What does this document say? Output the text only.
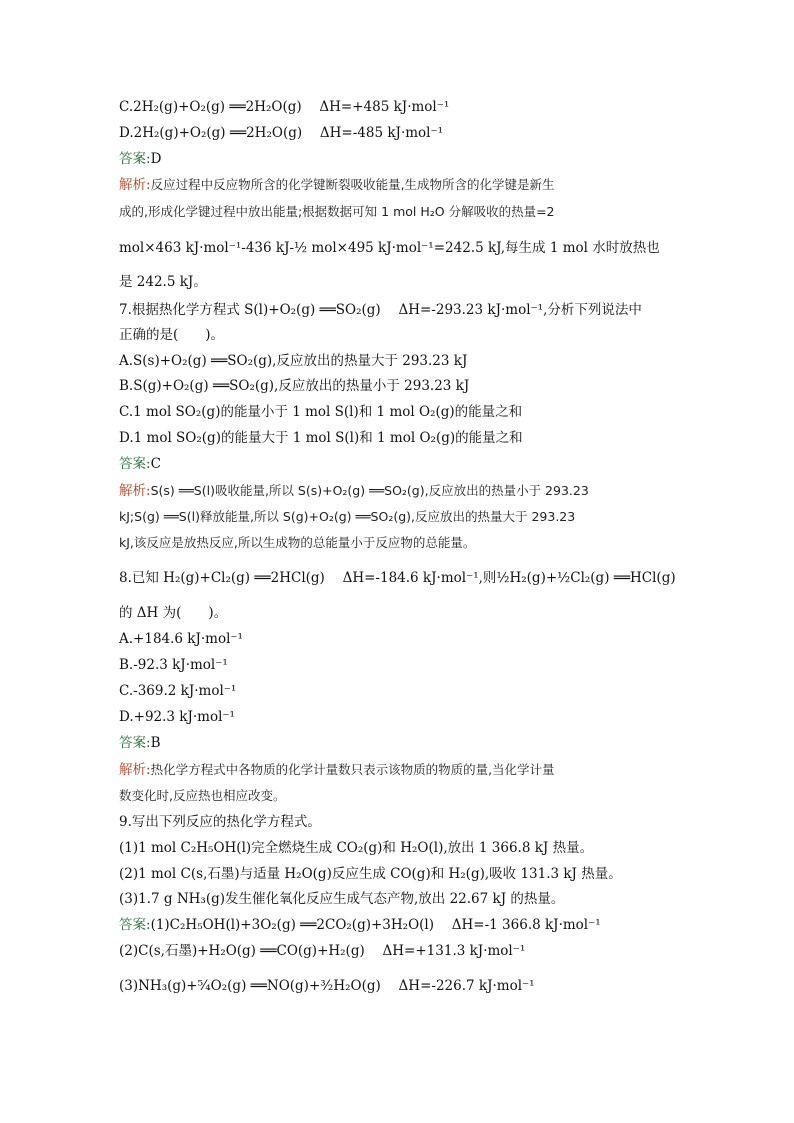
C.2H₂(g)+O₂(g) ══2H₂O(g)　 ΔH=+485 kJ·mol⁻¹
D.2H₂(g)+O₂(g) ══2H₂O(g)　 ΔH=-485 kJ·mol⁻¹
答案:D
解析:反应过程中反应物所含的化学键断裂吸收能量,生成物所含的化学键是新生
成的,形成化学键过程中放出能量;根据数据可知 1 mol H₂O 分解吸收的热量=2
mol×463 kJ·mol⁻¹-436 kJ-½ mol×495 kJ·mol⁻¹=242.5 kJ,每生成 1 mol 水时放热也
是 242.5 kJ。
7.根据热化学方程式 S(l)+O₂(g) ══SO₂(g)　 ΔH=-293.23 kJ·mol⁻¹,分析下列说法中
正确的是(　　)。
A.S(s)+O₂(g) ══SO₂(g),反应放出的热量大于 293.23 kJ
B.S(g)+O₂(g) ══SO₂(g),反应放出的热量小于 293.23 kJ
C.1 mol SO₂(g)的能量小于 1 mol S(l)和 1 mol O₂(g)的能量之和
D.1 mol SO₂(g)的能量大于 1 mol S(l)和 1 mol O₂(g)的能量之和
答案:C
解析:S(s) ══S(l)吸收能量,所以 S(s)+O₂(g) ══SO₂(g),反应放出的热量小于 293.23
kJ;S(g) ══S(l)释放能量,所以 S(g)+O₂(g) ══SO₂(g),反应放出的热量大于 293.23
kJ,该反应是放热反应,所以生成物的总能量小于反应物的总能量。
8.已知 H₂(g)+Cl₂(g) ══2HCl(g)　 ΔH=-184.6 kJ·mol⁻¹,则½H₂(g)+½Cl₂(g) ══HCl(g)
的 ΔH 为(　　)。
A.+184.6 kJ·mol⁻¹
B.-92.3 kJ·mol⁻¹
C.-369.2 kJ·mol⁻¹
D.+92.3 kJ·mol⁻¹
答案:B
解析:热化学方程式中各物质的化学计量数只表示该物质的物质的量,当化学计量
数变化时,反应热也相应改变。
9.写出下列反应的热化学方程式。
(1)1 mol C₂H₅OH(l)完全燃烧生成 CO₂(g)和 H₂O(l),放出 1 366.8 kJ 热量。
(2)1 mol C(s,石墨)与适量 H₂O(g)反应生成 CO(g)和 H₂(g),吸收 131.3 kJ 热量。
(3)1.7 g NH₃(g)发生催化氧化反应生成气态产物,放出 22.67 kJ 的热量。
答案:(1)C₂H₅OH(l)+3O₂(g) ══2CO₂(g)+3H₂O(l)　 ΔH=-1 366.8 kJ·mol⁻¹
(2)C(s,石墨)+H₂O(g) ══CO(g)+H₂(g)　 ΔH=+131.3 kJ·mol⁻¹
(3)NH₃(g)+⁵⁄₄O₂(g) ══NO(g)+³⁄₂H₂O(g)　 ΔH=-226.7 kJ·mol⁻¹
